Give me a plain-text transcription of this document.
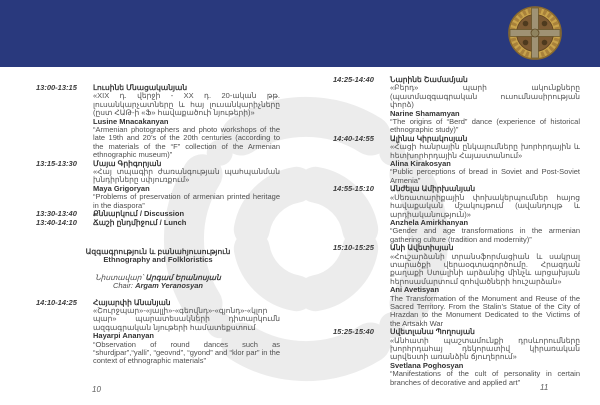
13:00-13:15	Լուսինե Մնացականյան
«XIX դ. վերջի - XX դ. 20-ական թթ. լուսանկարչատները և հայ լուսանկարիչները (ըստ ՀԱԹ-ի «Ֆ» հավաքածուի նյութերի)»
Lusine Mnacakanyan
“Armenian photographers and photo workshops of the late 19th and 20’s of the 20th centuries (according to the materials of the “F” collection of the Armenian ethnographic museum)”
13:15-13:30	Մայա Գրիգորյան
«Հայ տպագիր ժառանգության պահպանման խնդիրները սփյուռքում»
Maya Grigoryan
“Problems of preservation of armenian printed heritage in the diaspora”
13:30-13:40	Քննարկում / Discussion
13:40-14:10	Ճաշի ընդմիջում / Lunch
Ազգագրություն և բանահյուսություն
Ethnography and Folkloristics
Նիստավար՝ Արգամ Երանոսյան
Chair: Argam Yeranosyan
14:10-14:25	Հայարփի Անանյան
«Շուրջպար»-«յալլի»-«գեովնդ»-«գյոնդ»-«կլոր պար» պարատեսակների դիտարկումն ազգագրական նյութերի համատեքստում
Hayarpi Ananyan
“Observation of round dances such as “shurdjpar”,“yalli”, “geovnd”, “gyond” and “klor par” in the context of ethnographic materials”
14:25-14:40	Նարինե Շամամյան
«Բերդ» պարի ակունքները (պատմազգագրական ուսումնասիրության փորձ)
Narine Shamamyan
“The origins of “Berd” dance (experience of historical ethnographic study)”
14:40-14:55	Ալինա Կիրակոսյան
«Հացի հանրային ընկալումները խորհրդային և հետխորհրդային Հայաստանում»
Alina Kirakosyan
“Public perceptions of bread in Soviet and Post-Soviet Armenia”
14:55-15:10	Անժելա Ամիրխանյան
«Սեռատարիքային փոխակերպումներ հայոց հավաքական մշակույթում (ավանդույթ և արդիականություն)»
Anzhela Amirkhanyan
“Gender and age transformations in the armenian gathering culture (tradition and modernity)”
15:10-15:25	Անի Ավետիսյան
«Հուշարձանի տրանսֆորմացիան և սակրալ տարածքի վերաօգտագործումը. Հրազդան քաղաքի Ստալինի արձանից մինչև արցախյան հերոսամարտում զոհվածների հուշարձան»
Ani Avetisyan
The Transformation of the Monument and Reuse of the Sacred Territory. From the Stalin’s Statue of the City of Hrazdan to the Monument Dedicated to the Victims of the Artsakh War
15:25-15:40	Սվետլանա Պողոսյան
«Անհատի պաշտամունքի դրսևորումները խորհրդահայ դեկորատիվ կիրառական արվեստի առանձին ճյուղերում»
Svetlana Poghosyan
“Manifestations of the cult of personality in certain branches of decorative and applied art”
10	11
